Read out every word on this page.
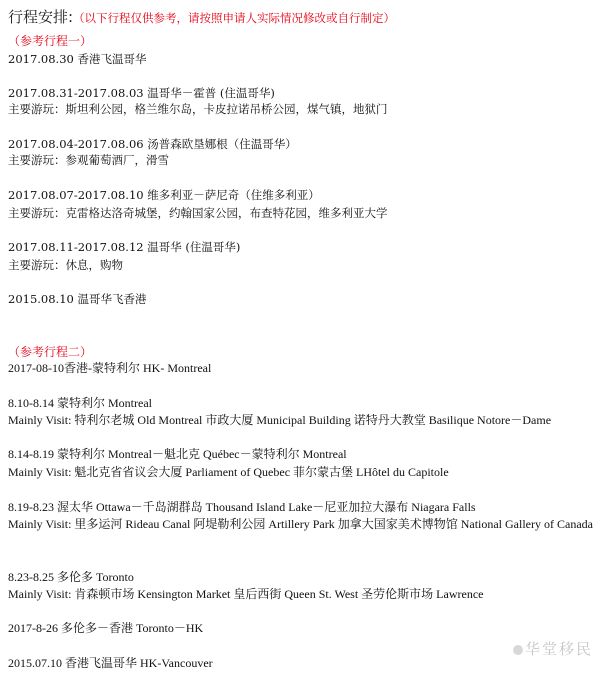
行程安排:（以下行程仅供参考，请按照申请人实际情况修改或自行制定）
（参考行程一）
2017.08.30 香港飞温哥华
2017.08.31-2017.08.03 温哥华－霍普 (住温哥华)
主要游玩：斯坦利公园，格兰维尔岛，卡皮拉诺吊桥公园，煤气镇，地狱门
2017.08.04-2017.08.06 汤普森欧垦娜根（住温哥华）
主要游玩：参观葡萄酒厂，滑雪
2017.08.07-2017.08.10 维多利亚－萨尼奇（住维多利亚）
主要游玩：克雷格达洛奇城堡，约翰国家公园，布查特花园，维多利亚大学
2017.08.11-2017.08.12 温哥华 (住温哥华)
主要游玩：休息，购物
2015.08.10 温哥华飞香港
（参考行程二）
2017-08-10香港-蒙特利尔 HK- Montreal
8.10-8.14 蒙特利尔 Montreal
Mainly Visit: 特利尔老城 Old Montreal 市政大厦 Municipal Building 诺特丹大教堂 Basilique Notore－Dame
8.14-8.19 蒙特利尔 Montreal－魁北克 Québec－蒙特利尔 Montreal
Mainly Visit: 魁北克省省议会大厦 Parliament of Quebec 菲尔蒙古堡 LHôtel du Capitole
8.19-8.23 渥太华 Ottawa－千岛湖群岛 Thousand Island Lake－尼亚加拉大瀑布 Niagara Falls
Mainly Visit: 里多运河 Rideau Canal 阿堤勒利公园 Artillery Park 加拿大国家美术博物馆 National Gallery of Canada
8.23-8.25 多伦多 Toronto
Mainly Visit: 肯森顿市场 Kensington Market 皇后西街 Queen St. West 圣劳伦斯市场 Lawrence
2017-8-26 多伦多－香港 Toronto－HK
2015.07.10 香港飞温哥华 HK-Vancouver
华堂移民
